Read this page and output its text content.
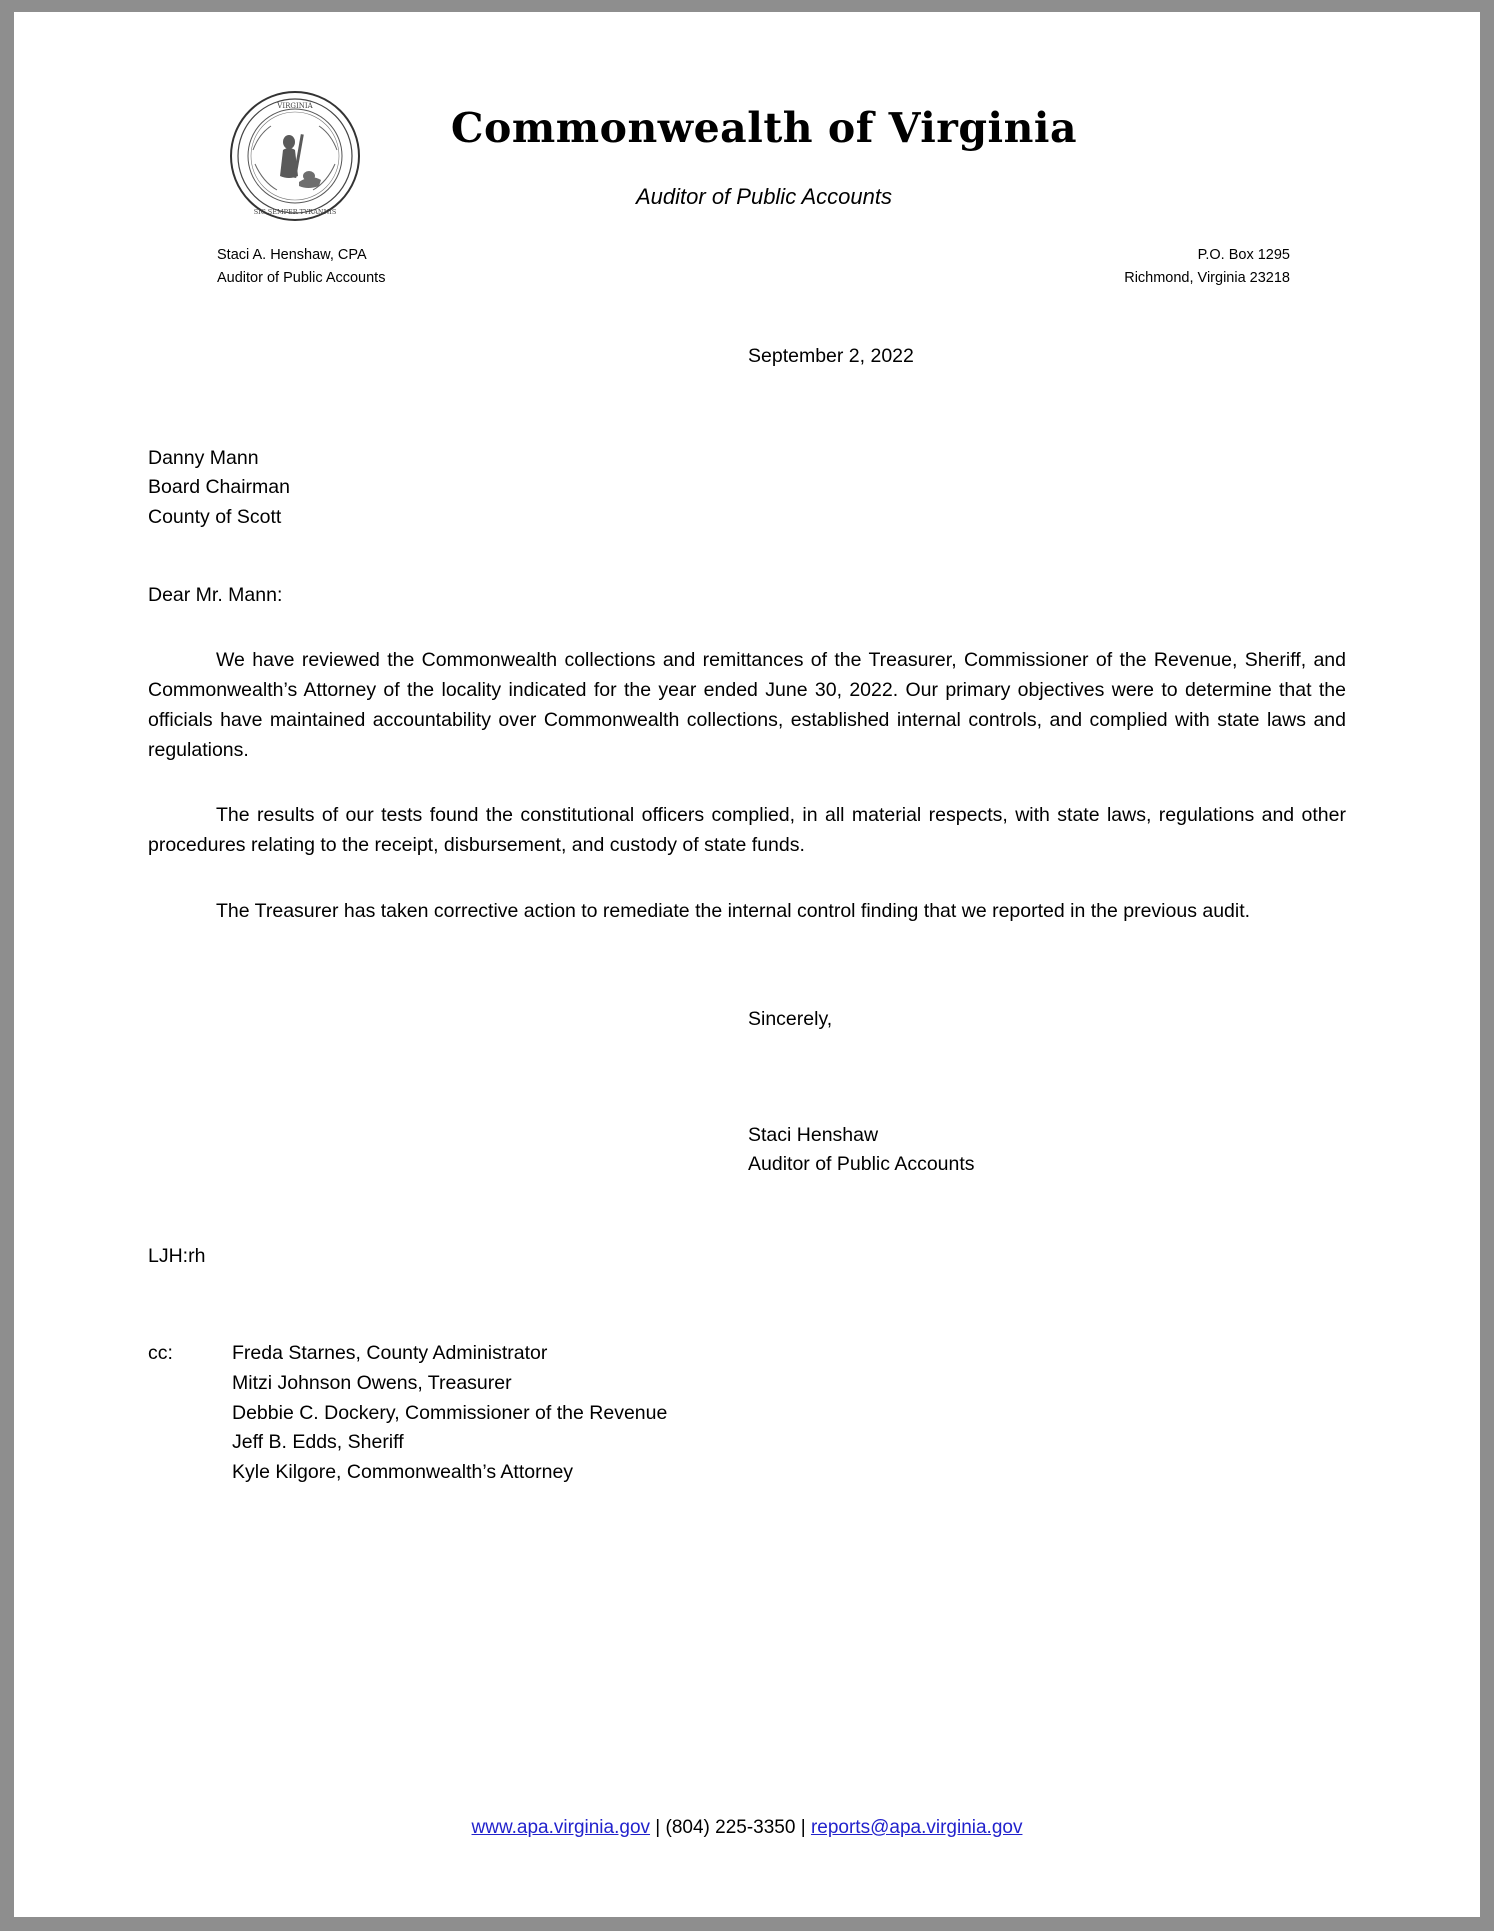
VIRGINIA
SIC SEMPER TYRANNIS
Commonwealth of Virginia
Auditor of Public Accounts
Staci A. Henshaw, CPA
Auditor of Public Accounts
P.O. Box 1295
Richmond, Virginia 23218
September 2, 2022
Danny Mann
Board Chairman
County of Scott
Dear Mr. Mann:

We have reviewed the Commonwealth collections and remittances of the Treasurer, Commissioner of the Revenue, Sheriff, and Commonwealth’s Attorney of the locality indicated for the year ended June 30, 2022. Our primary objectives were to determine that the officials have maintained accountability over Commonwealth collections, established internal controls, and complied with state laws and regulations.

The results of our tests found the constitutional officers complied, in all material respects, with state laws, regulations and other procedures relating to the receipt, disbursement, and custody of state funds.

The Treasurer has taken corrective action to remediate the internal control finding that we reported in the previous audit.

Sincerely,
Staci Henshaw
Auditor of Public Accounts
LJH:rh
cc:	Freda Starnes, County Administrator
Mitzi Johnson Owens, Treasurer
Debbie C. Dockery, Commissioner of the Revenue
Jeff B. Edds, Sheriff
Kyle Kilgore, Commonwealth’s Attorney
www.apa.virginia.gov | (804) 225-3350 | reports@apa.virginia.gov
